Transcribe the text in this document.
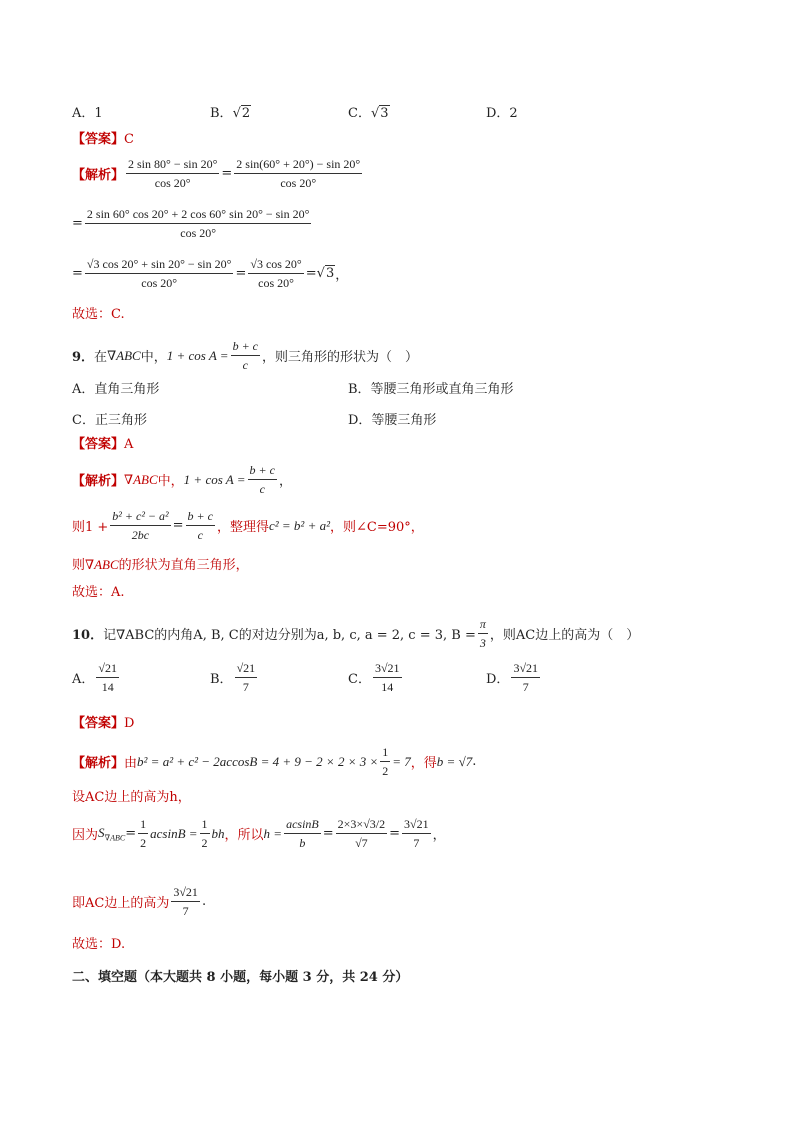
A．1	B．√2	C．√3	D．2
【答案】C
【解析】 $\frac{2 \sin 80^\circ - \sin 20^\circ}{\cos 20^\circ} = \frac{2 \sin(60^\circ + 20^\circ) - \sin 20^\circ}{\cos 20^\circ}$
= $\frac{2 \sin 60^\circ \cos 20^\circ + 2 \cos 60^\circ \sin 20^\circ - \sin 20^\circ}{\cos 20^\circ}$
= $\frac{√3 \cos 20^\circ + \sin 20^\circ - \sin 20^\circ}{\cos 20^\circ} = \frac{√3 \cos 20^\circ}{\cos 20^\circ} = √3$ ，
故选：C.
9． 在 ∇ABC 中， $1 + \cos A = \frac{b + c}{c}$ ，则三角形的形状为（　）
A．直角三角形	B．等腰三角形或直角三角形
C．正三角形	D．等腰三角形
【答案】A
【解析】 ∇ABC 中， $1 + \cos A = \frac{b + c}{c}$ ，
则$1 + \frac{\text{b² + c² − a²}}{2bc} = \frac{b + c}{c}$ ，整理得 c² = b² + a² ，则∠C=90°，
则∇ABC的形状为直角三角形，
故选：A.
10． 记∇ABC的内角A, B, C的对边分别为a, b, c, a = 2, c = 3, $B = \frac{\pi}{3}$ ，则AC边上的高为（　）
A． $\frac{√21}{14}$	B． $\frac{√21}{7}$	C． $\frac{3√21}{14}$	D． $\frac{3√21}{7}$
【答案】D
【解析】 由 $b^2 = a^2 + c^2 - 2accosB = 4 + 9 - 2 \times 2 \times 3 \times \frac{1}{2} = 7$ ，得 b = √7 .
设AC边上的高为h，
因为 $S_{\nabla ABC} = \frac{1}{2}$ $acsinB = \frac{1}{2}$ bh ，所以 $h = \frac{acsinB}{b} = \frac{2\times 3\times√3/2}{√7} = \frac{3√21}{7}$ ，
即AC边上的高为 $\frac{3√21}{7}$ .
故选：D.
二、填空题（本大题共 8 小题，每小题 3 分，共 24 分）
